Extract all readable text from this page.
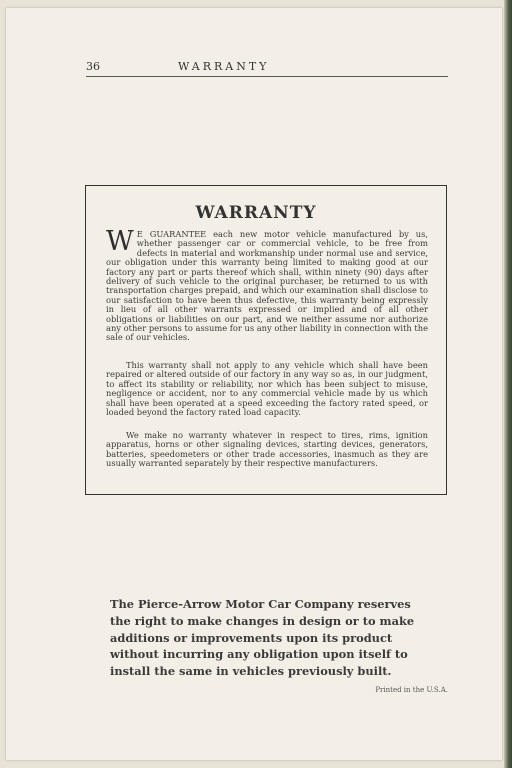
36	WARRANTY
WARRANTY

W E GUARANTEE each new motor vehicle manufactured by us, whether passenger car or commercial vehicle, to be free from defects in material and workmanship under normal use and service, our obligation under this warranty being limited to making good at our factory any part or parts thereof which shall, within ninety (90) days after delivery of such vehicle to the original purchaser, be returned to us with transportation charges prepaid, and which our examination shall disclose to our satisfaction to have been thus defective, this warranty being expressly in lieu of all other warrants expressed or implied and of all other obligations or liabilities on our part, and we neither assume nor authorize any other persons to assume for us any other liability in connection with the sale of our vehicles.

This warranty shall not apply to any vehicle which shall have been repaired or altered outside of our factory in any way so as, in our judgment, to affect its stability or reliability, nor which has been subject to misuse, negligence or accident, nor to any commercial vehicle made by us which shall have been operated at a speed exceeding the factory rated speed, or loaded beyond the factory rated load capacity.

We make no warranty whatever in respect to tires, rims, ignition apparatus, horns or other signaling devices, starting devices, generators, batteries, speedometers or other trade accessories, inasmuch as they are usually warranted separately by their respective manufacturers.

The Pierce-Arrow Motor Car Company reserves the right to make changes in design or to make additions or improvements upon its product without incurring any obligation upon itself to install the same in vehicles previously built.

Printed in the U.S.A.
